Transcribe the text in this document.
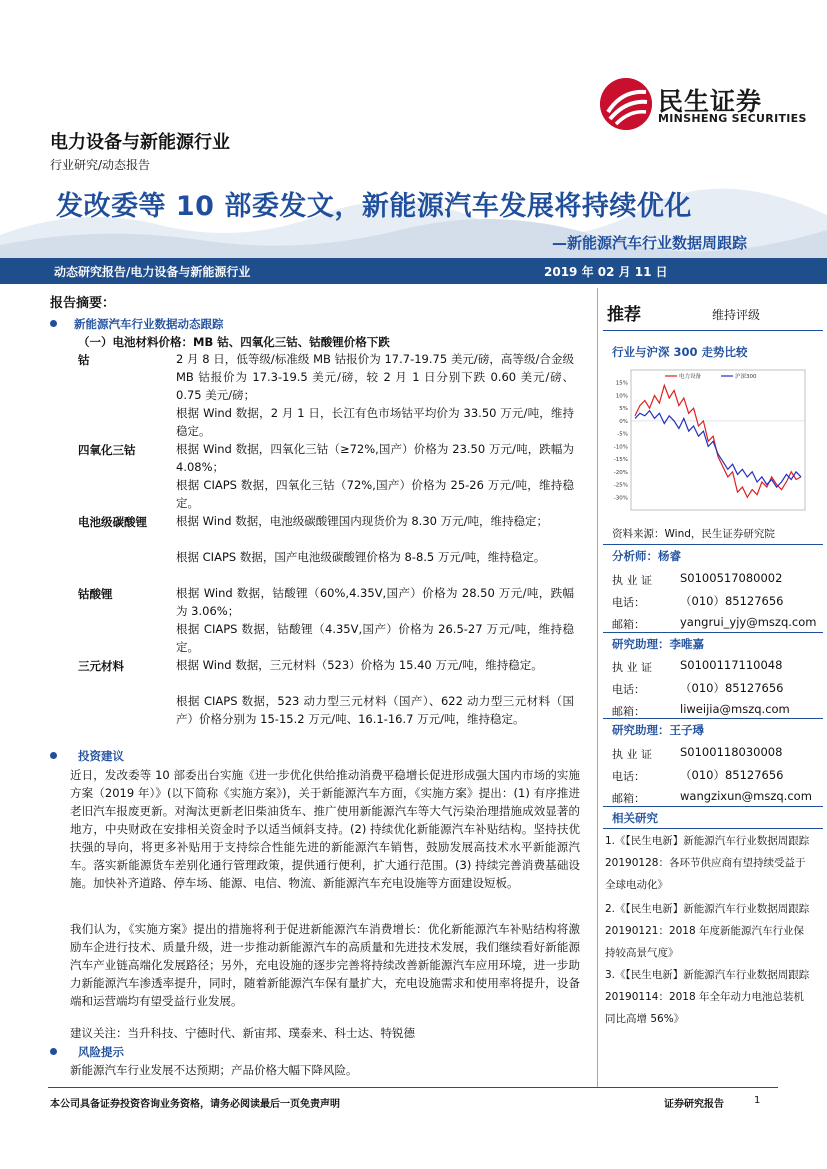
民生证券
MINSHENG SECURITIES
电力设备与新能源行业
行业研究/动态报告
发改委等 10 部委发文，新能源汽车发展将持续优化
—新能源汽车行业数据周跟踪
动态研究报告/电力设备与新能源行业	2019 年 02 月 11 日
报告摘要：
新能源汽车行业数据动态跟踪
（一）电池材料价格：MB 钴、四氧化三钴、钴酸锂价格下跌
钴	2 月 8 日，低等级/标准级 MB 钴报价为 17.7-19.75 美元/磅，高等级/合金级 MB 钴报价为 17.3-19.5 美元/磅，较 2 月 1 日分别下跌 0.60 美元/磅、0.75 美元/磅；
根据 Wind 数据，2 月 1 日，长江有色市场钴平均价为 33.50 万元/吨，维持稳定。
四氧化三钴	根据 Wind 数据，四氧化三钴（≥72%,国产）价格为 23.50 万元/吨，跌幅为 4.08%；
根据 CIAPS 数据，四氧化三钴（72%,国产）价格为 25-26 万元/吨，维持稳定。
电池级碳酸锂	根据 Wind 数据，电池级碳酸锂国内现货价为 8.30 万元/吨，维持稳定；
根据 CIAPS 数据，国产电池级碳酸锂价格为 8-8.5 万元/吨，维持稳定。
钴酸锂	根据 Wind 数据，钴酸锂（60%,4.35V,国产）价格为 28.50 万元/吨，跌幅为 3.06%；
根据 CIAPS 数据，钴酸锂（4.35V,国产）价格为 26.5-27 万元/吨，维持稳定。
三元材料	根据 Wind 数据，三元材料（523）价格为 15.40 万元/吨，维持稳定。
根据 CIAPS 数据，523 动力型三元材料（国产）、622 动力型三元材料（国产）价格分别为 15-15.2 万元/吨、16.1-16.7 万元/吨，维持稳定。
投资建议
近日，发改委等 10 部委出台实施《进一步优化供给推动消费平稳增长促进形成强大国内市场的实施方案（2019 年）》(以下简称《实施方案》)，关于新能源汽车方面，《实施方案》提出：(1) 有序推进老旧汽车报废更新。对淘汰更新老旧柴油货车、推广使用新能源汽车等大气污染治理措施成效显著的地方，中央财政在安排相关资金时予以适当倾斜支持。(2) 持续优化新能源汽车补贴结构。坚持扶优扶强的导向，将更多补贴用于支持综合性能先进的新能源汽车销售，鼓励发展高技术水平新能源汽车。落实新能源货车差别化通行管理政策，提供通行便利，扩大通行范围。(3) 持续完善消费基础设施。加快补齐道路、停车场、能源、电信、物流、新能源汽车充电设施等方面建设短板。
我们认为，《实施方案》提出的措施将利于促进新能源汽车消费增长：优化新能源汽车补贴结构将激励车企进行技术、质量升级，进一步推动新能源汽车的高质量和先进技术发展，我们继续看好新能源汽车产业链高端化发展路径；另外，充电设施的逐步完善将持续改善新能源汽车应用环境，进一步助力新能源汽车渗透率提升，同时，随着新能源汽车保有量扩大，充电设施需求和使用率将提升，设备端和运营端均有望受益行业发展。
建议关注：当升科技、宁德时代、新宙邦、璞泰来、科士达、特锐德
风险提示
新能源汽车行业发展不达预期；产品价格大幅下降风险。
推荐	维持评级
行业与沪深 300 走势比较
15%
10%
5%
0%
-5%
-10%
-15%
-20%
-25%
-30%
电力设备	沪深300
资料来源：Wind，民生证券研究院
分析师：杨睿
执 业 证 S0100517080002
电话：	（010）85127656
邮箱：	yangrui_yjy@mszq.com
研究助理：李唯嘉
执 业 证 S0100117110048
电话：	（010）85127656
邮箱：	liweijia@mszq.com
研究助理：王子璕
执 业 证 S0100118030008
电话：	（010）85127656
邮箱：	wangzixun@mszq.com
相关研究
1.《【民生电新】新能源汽车行业数据周跟踪 20190128：各环节供应商有望持续受益于全球电动化》
2.《【民生电新】新能源汽车行业数据周跟踪 20190121：2018 年度新能源汽车行业保持较高景气度》
3.《【民生电新】新能源汽车行业数据周跟踪 20190114：2018 年全年动力电池总装机同比高增 56%》
本公司具备证券投资咨询业务资格，请务必阅读最后一页免责声明	证券研究报告	1
